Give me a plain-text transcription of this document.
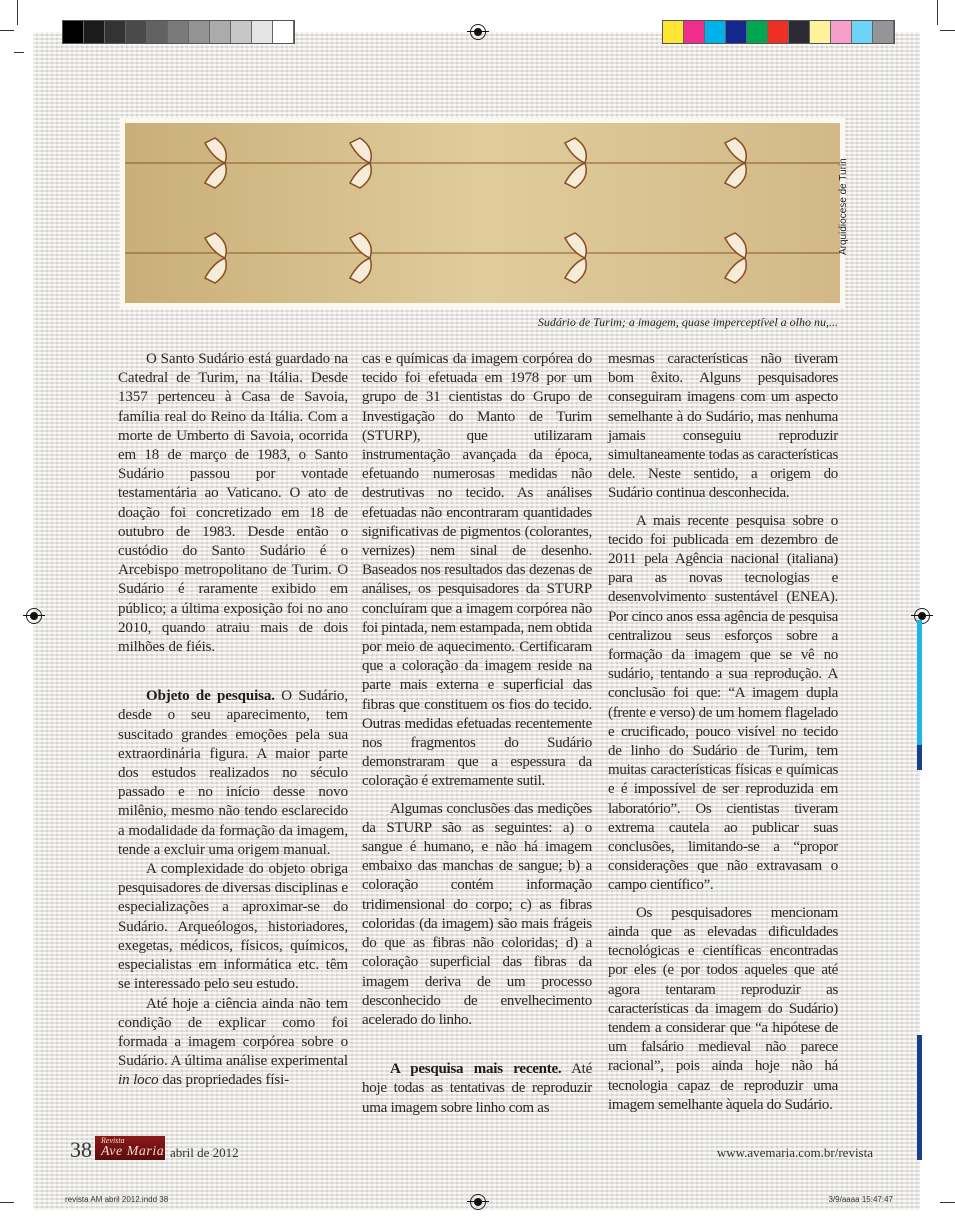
Arquidiocese de Turin
Sudário de Turim; a imagem, quase imperceptível a olho nu,...

O Santo Sudário está guardado na Catedral de Turim, na Itália. Desde 1357 pertenceu à Casa de Savoia, família real do Reino da Itália. Com a morte de Umberto di Savoia, ocorrida em 18 de março de 1983, o Santo Sudário passou por vontade testamentária ao Vaticano. O ato de doação foi concretizado em 18 de outubro de 1983. Desde então o custódio do Santo Sudário é o Arcebispo metropolitano de Turim. O Sudário é raramente exibido em público; a última exposição foi no ano 2010, quando atraiu mais de dois milhões de fiéis.

Objeto de pesquisa. O Sudário, desde o seu aparecimento, tem suscitado grandes emoções pela sua extraordinária figura. A maior parte dos estudos realizados no século passado e no início desse novo milênio, mesmo não tendo esclarecido a modalidade da formação da imagem, tende a excluir uma origem manual.

A complexidade do objeto obriga pesquisadores de diversas disciplinas e especializações a aproximar-se do Sudário. Arqueólogos, historiadores, exegetas, médicos, físicos, químicos, especialistas em informática etc. têm se interessado pelo seu estudo.

Até hoje a ciência ainda não tem condição de explicar como foi formada a imagem corpórea sobre o Sudário. A última análise experimental in loco das propriedades físi-

cas e químicas da imagem corpórea do tecido foi efetuada em 1978 por um grupo de 31 cientistas do Grupo de Investigação do Manto de Turim (STURP), que utilizaram instrumentação avançada da época, efetuando numerosas medidas não destrutivas no tecido. As análises efetuadas não encontraram quantidades significativas de pigmentos (colorantes, vernizes) nem sinal de desenho. Baseados nos resultados das dezenas de análises, os pesquisadores da STURP concluíram que a imagem corpórea não foi pintada, nem estampada, nem obtida por meio de aquecimento. Certificaram que a coloração da imagem reside na parte mais externa e superficial das fibras que constituem os fios do tecido. Outras medidas efetuadas recentemente nos fragmentos do Sudário demonstraram que a espessura da coloração é extremamente sutil.

Algumas conclusões das medições da STURP são as seguintes: a) o sangue é humano, e não há imagem embaixo das manchas de sangue; b) a coloração contém informação tridimensional do corpo; c) as fibras coloridas (da imagem) são mais frágeis do que as fibras não coloridas; d) a coloração superficial das fibras da imagem deriva de um processo desconhecido de envelhecimento acelerado do linho.

A pesquisa mais recente. Até hoje todas as tentativas de reproduzir uma imagem sobre linho com as

mesmas características não tiveram bom êxito. Alguns pesquisadores conseguiram imagens com um aspecto semelhante à do Sudário, mas nenhuma jamais conseguiu reproduzir simultaneamente todas as características dele. Neste sentido, a origem do Sudário continua desconhecida.

A mais recente pesquisa sobre o tecido foi publicada em dezembro de 2011 pela Agência nacional (italiana) para as novas tecnologias e desenvolvimento sustentável (ENEA). Por cinco anos essa agência de pesquisa centralizou seus esforços sobre a formação da imagem que se vê no sudário, tentando a sua reprodução. A conclusão foi que: “A imagem dupla (frente e verso) de um homem flagelado e crucificado, pouco visível no tecido de linho do Sudário de Turim, tem muitas características físicas e químicas e é impossível de ser reproduzida em laboratório”. Os cientistas tiveram extrema cautela ao publicar suas conclusões, limitando-se a “propor considerações que não extravasam o campo científico”.

Os pesquisadores mencionam ainda que as elevadas dificuldades tecnológicas e científicas encontradas por eles (e por todos aqueles que até agora tentaram reproduzir as características da imagem do Sudário) tendem a considerar que “a hipótese de um falsário medieval não parece racional”, pois ainda hoje não há tecnologia capaz de reproduzir uma imagem semelhante àquela do Sudário.

38 Revista
Ave Maria abril de 2012	www.avemaria.com.br/revista
revista AM abril 2012.indd 38	3/9/aaaa 15:47:47
